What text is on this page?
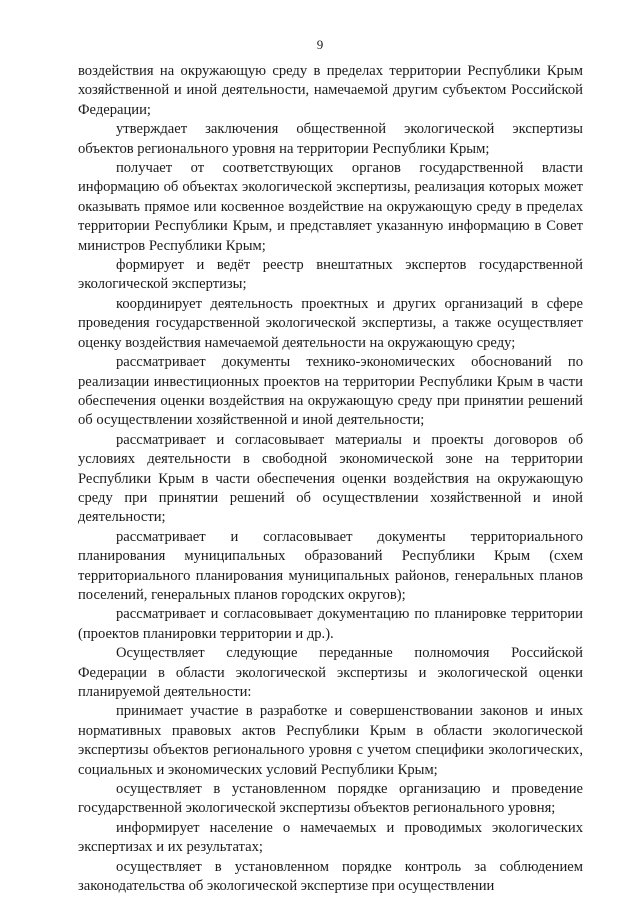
9

воздействия на окружающую среду в пределах территории Республики Крым хозяйственной и иной деятельности, намечаемой другим субъектом Российской Федерации;

утверждает заключения общественной экологической экспертизы объектов регионального уровня на территории Республики Крым;

получает от соответствующих органов государственной власти информацию об объектах экологической экспертизы, реализация которых может оказывать прямое или косвенное воздействие на окружающую среду в пределах территории Республики Крым, и представляет указанную информацию в Совет министров Республики Крым;

формирует и ведёт реестр внештатных экспертов государственной экологической экспертизы;

координирует деятельность проектных и других организаций в сфере проведения государственной экологической экспертизы, а также осуществляет оценку воздействия намечаемой деятельности на окружающую среду;

рассматривает документы технико-экономических обоснований по реализации инвестиционных проектов на территории Республики Крым в части обеспечения оценки воздействия на окружающую среду при принятии решений об осуществлении хозяйственной и иной деятельности;

рассматривает и согласовывает материалы и проекты договоров об условиях деятельности в свободной экономической зоне на территории Республики Крым в части обеспечения оценки воздействия на окружающую среду при принятии решений об осуществлении хозяйственной и иной деятельности;

рассматривает и согласовывает документы территориального планирования муниципальных образований Республики Крым (схем территориального планирования муниципальных районов, генеральных планов поселений, генеральных планов городских округов);

рассматривает и согласовывает документацию по планировке территории (проектов планировки территории и др.).

Осуществляет следующие переданные полномочия Российской Федерации в области экологической экспертизы и экологической оценки планируемой деятельности:

принимает участие в разработке и совершенствовании законов и иных нормативных правовых актов Республики Крым в области экологической экспертизы объектов регионального уровня с учетом специфики экологических, социальных и экономических условий Республики Крым;

осуществляет в установленном порядке организацию и проведение государственной экологической экспертизы объектов регионального уровня;

информирует население о намечаемых и проводимых экологических экспертизах и их результатах;

осуществляет в установленном порядке контроль за соблюдением законодательства об экологической экспертизе при осуществлении
